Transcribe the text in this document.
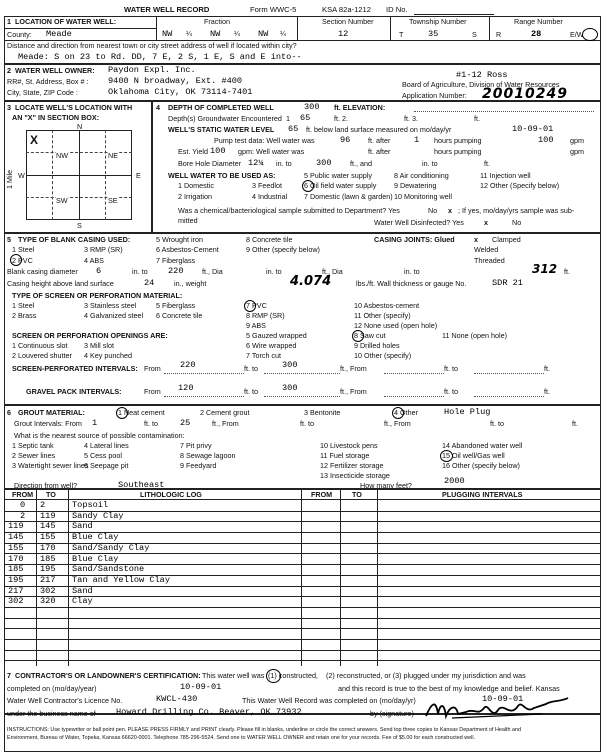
WATER WELL RECORD	Form WWC-5	KSA 82a-1212 ID No.
1 LOCATION OF WATER WELL:
County: Meade
Fraction
NW ¼ NW ¼ NW ¼
Section Number
12
Township Number
T	35	S
Range Number
R	28	E/W
Distance and direction from nearest town or city street address of well if located within city?
Meade: S on 23 to Rd. DD, 7 E, 2 S, 1 E, S and E into--
2 WATER WELL OWNER: Paydon Expl. Inc.
RR#, St. Address, Box # : 9400 N broadway, Ext. #400
City, State, ZIP Code :	Oklahoma City, OK 73114-7401
#1-12 Ross
Board of Agriculture, Division of Water Resources
Application Number: 20010249
3 LOCATE WELL'S LOCATION WITH
AN "X" IN SECTION BOX:
N
S
E
W
NW	NE
SW	SE
X
1 Mile
4 DEPTH OF COMPLETED WELL	300 ft. ELEVATION:
Depth(s) Groundwater Encountered 1 65	ft. 2.	ft. 3.	ft.
WELL'S STATIC WATER LEVEL 65 ft. below land surface measured on mo/day/yr	10-09-01
Pump test data: Well water was	96 ft. after	1 hours pumping	100 gpm
Est. Yield 100 gpm: Well water was	ft. after	hours pumping	gpm
Bore Hole Diameter 12¼ in. to	300	ft., and	in. to	ft.
WELL WATER TO BE USED AS:
1 Domestic	3 Feedlot
5 Public water supply	8 Air conditioning	11 Injection well
2 Irrigation	4 Industrial
6 Oil field water supply
7 Domestic (lawn & garden)
9 Dewatering
10 Monitoring well
12 Other (Specify below)
Was a chemical/bacteriological sample submitted to Department? Yes	No x ; If yes, mo/day/yrs sample was sub-
mitted	Water Well Disinfected? Yes	x	No
5 TYPE OF BLANK CASING USED:
1 Steel	3 RMP (SR)
5 Wrought iron	8 Concrete tile
2 PVC	4 ABS
6 Asbestos-Cement
7 Fiberglass
9 Other (specify below)
CASING JOINTS: Glued	x Clamped
Welded
Threaded
Blank casing diameter 6	in. to 220	ft., Dia	in. to	ft., Dia	in. to	312 ft.
Casing height above land surface	24	in., weight	4.074	lbs./ft. Wall thickness or gauge No.	SDR 21
TYPE OF SCREEN OR PERFORATION MATERIAL:
1 Steel	3 Stainless steel	5 Fiberglass	7 PVC	10 Asbestos-cement
2 Brass	4 Galvanized steel 6 Concrete tile	8 RMP (SR)	11 Other (specify)
9 ABS	12 None used (open hole)
SCREEN OR PERFORATION OPENINGS ARE:	5 Gauzed wrapped	8 Saw cut	11 None (open hole)
1 Continuous slot 3 Mill slot	6 Wire wrapped	9 Drilled holes
2 Louvered shutter 4 Key punched	7 Torch cut	10 Other (specify)
SCREEN-PERFORATED INTERVALS: From 220	ft. to	300	ft., From	ft. to	ft.
GRAVEL PACK INTERVALS:	From 120	ft. to	300	ft., From	ft. to	ft.
6 GROUT MATERIAL:	1 Neat cement	2 Cement grout	3 Bentonite	4 Other	Hole Plug
Grout Intervals: From 1	ft. to	25	ft., From	ft. to	ft., From	ft. to	ft.
What is the nearest source of possible contamination:
1 Septic tank	4 Lateral lines	7 Pit privy	10 Livestock pens	14 Abandoned water well
2 Sewer lines	5 Cess pool	8 Sewage lagoon	11 Fuel storage	15 Oil well/Gas well
3 Watertight sewer lines
6 Seepage pit	9 Feedyard	12 Fertilizer storage	16 Other (specify below)
13 Insecticide storage
Direction from well?	Southeast	How many feet?	2000
FROM TO	LITHOLOGIC LOG	FROM	TO	PLUGGING INTERVALS
0 2	Topsoil
2 119 Sandy Clay
119 145 Sand
145 155 Blue Clay
155 170 Sand/Sandy Clay
170 185 Blue Clay
185 195 Sand/Sandstone
195 217 Tan and Yellow Clay
217 302 Sand
302 320 Clay
7 CONTRACTOR'S OR LANDOWNER'S CERTIFICATION: This water well was (1) constructed, (2) reconstructed, or (3) plugged under my jurisdiction and was
completed on (mo/day/year)	10-09-01	and this record is true to the best of my knowledge and belief. Kansas
Water Well Contractor's Licence No.	KWCL-430	This Water Well Record was completed on (mo/day/yr)	10-09-01
under the business name of Howard Drilling Co. Beaver, OK 73932	by (signature)
INSTRUCTIONS: Use typewriter or ball point pen. PLEASE PRESS FIRMLY and PRINT clearly. Please fill in blanks, underline or circle the correct answers. Send top three copies to Kansas Department of Health and
Environment, Bureau of Water, Topeka, Kansas 66620-0001. Telephone 785-296-5524. Send one to WATER WELL OWNER and retain one for your records. Fee of $5.00 for each constructed well.
